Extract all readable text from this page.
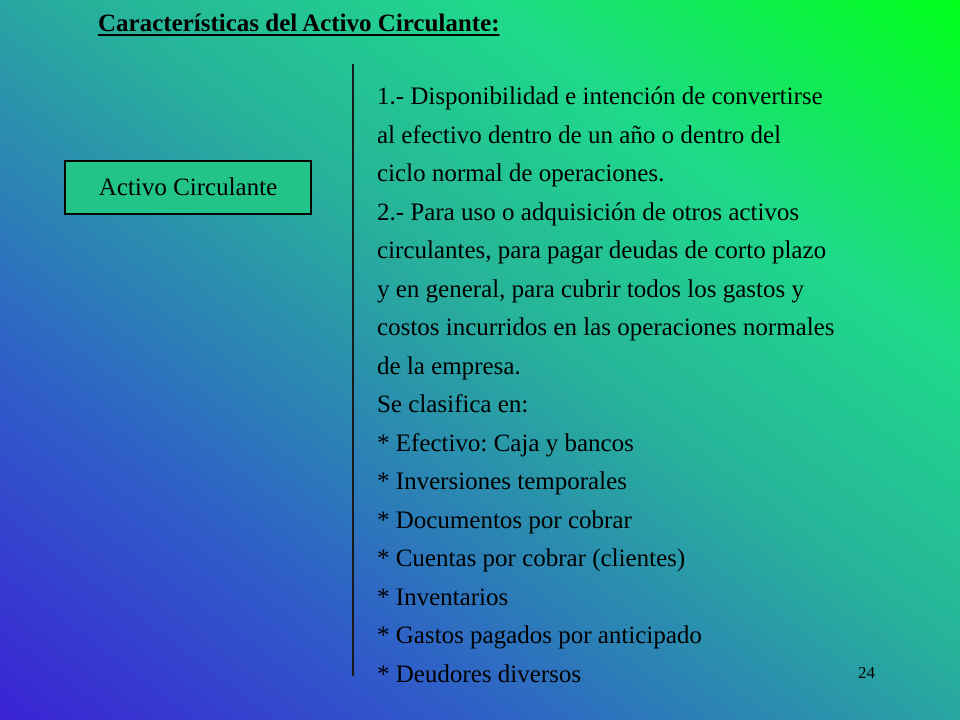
Características del Activo Circulante:
Activo Circulante
1.- Disponibilidad e intención de convertirse
al efectivo dentro de un año o dentro del
ciclo normal de operaciones.
2.- Para uso o adquisición de otros activos
circulantes, para pagar deudas de corto plazo
y en general, para cubrir todos los gastos y
costos incurridos en las operaciones normales
de la empresa.
Se clasifica en:
* Efectivo: Caja y bancos
* Inversiones temporales
* Documentos por cobrar
* Cuentas por cobrar (clientes)
* Inventarios
* Gastos pagados por anticipado
* Deudores diversos	24
